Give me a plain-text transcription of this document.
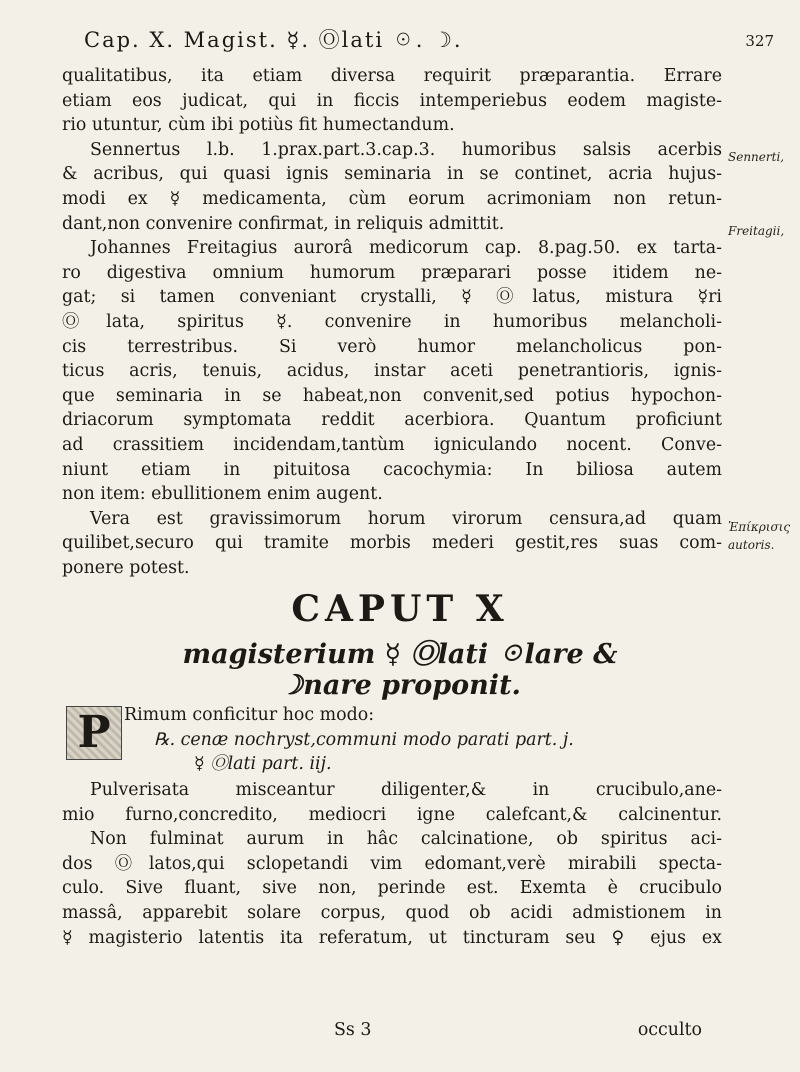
Cap. X. Magist. ☿. Ⓞlati ☉. ☽.	327
qualitatibus, ita etiam diversa requirit præparantia. Errare
etiam eos judicat, qui in ficcis intemperiebus eodem magiste-
rio utuntur, cùm ibi potiùs fit humectandum.
Sennertus l.b. 1.prax.part.3.cap.3. humoribus salsis acerbis
& acribus, qui quasi ignis seminaria in se continet, acria hujus-
modi ex ☿ medicamenta, cùm eorum acrimoniam non retun-
dant,non convenire confirmat, in reliquis admittit.
Johannes Freitagius aurorâ medicorum cap. 8.pag.50. ex tarta-
ro digestiva omnium humorum præparari posse itidem ne-
gat; si tamen conveniant crystalli, ☿ Ⓞlatus, mistura ☿ri
Ⓞlata, spiritus ☿. convenire in humoribus melancholi-
cis terrestribus. Si verò humor melancholicus pon-
ticus acris, tenuis, acidus, instar aceti penetrantioris, ignis-
que seminaria in se habeat,non convenit,sed potius hypochon-
driacorum symptomata reddit acerbiora. Quantum proficiunt
ad crassitiem incidendam,tantùm igniculando nocent. Conve-
niunt etiam in pituitosa cacochymia: In biliosa autem
non item: ebullitionem enim augent.
Vera est gravissimorum horum virorum censura,ad quam
quilibet,securo qui tramite morbis mederi gestit,res suas com-
ponere potest.
Sennerti,
Freitagii,
Ἐπίκρισις
autoris.
CAPUT X
magisterium ☿ Ⓞlati ☉lare &
☽nare proponit.
P Rimum conficitur hoc modo:
℞. cenæ nochryst,communi modo parati part. j.
☿ Ⓞlati part. iij.
Pulverisata misceantur diligenter,& in crucibulo,ane-
mio furno,concredito, mediocri igne calefcant,& calcinentur.
Non fulminat aurum in hâc calcinatione, ob spiritus aci-
dos Ⓞlatos,qui sclopetandi vim edomant,verè mirabili specta-
culo. Sive fluant, sive non, perinde est. Exemta è crucibulo
massâ, apparebit solare corpus, quod ob acidi admistionem in
☿ magisterio latentis ita referatum, ut tincturam seu ♀ ejus ex
Ss 3	occulto
